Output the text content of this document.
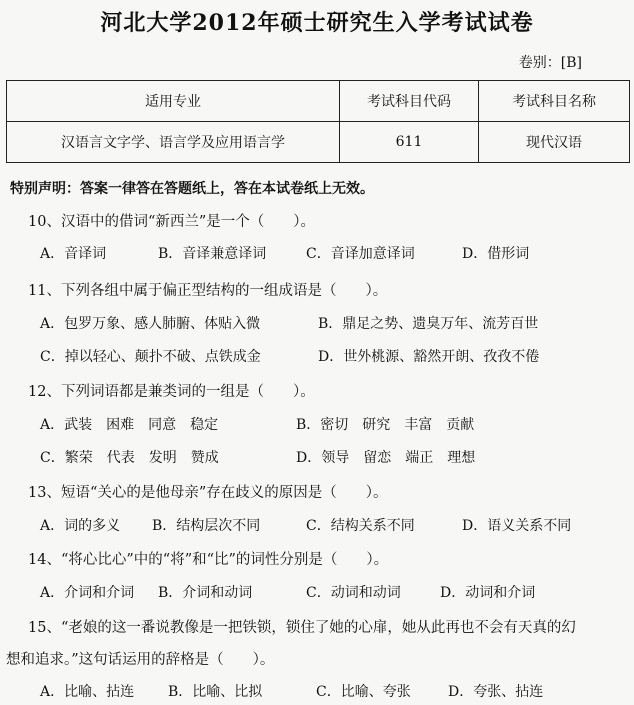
河北大学2012年硕士研究生入学考试试卷
卷别：[B]
适用专业	考试科目代码	考试科目名称
汉语言文字学、语言学及应用语言学	611	现代汉语
特别声明：答案一律答在答题纸上，答在本试卷纸上无效。
10、汉语中的借词“新西兰”是一个（　　）。
A．音译词	B．音译兼意译词	C．音译加意译词	D．借形词
11、下列各组中属于偏正型结构的一组成语是（　　）。
A．包罗万象、感人肺腑、体贴入微	B．鼎足之势、遗臭万年、流芳百世
C．掉以轻心、颠扑不破、点铁成金	D．世外桃源、豁然开朗、孜孜不倦
12、下列词语都是兼类词的一组是（　　）。
A．武装　困难　同意　稳定	B．密切　研究　丰富　贡献
C．繁荣　代表　发明　赞成	D．领导　留恋　端正　理想
13、短语“关心的是他母亲”存在歧义的原因是（　　）。
A．词的多义 B．结构层次不同	C．结构关系不同	D．语义关系不同
14、“将心比心”中的“将”和“比”的词性分别是（　　）。
A．介词和介词 B．介词和动词	C．动词和动词	D．动词和介词
15、“老娘的这一番说教像是一把铁锁，锁住了她的心扉，她从此再也不会有天真的幻
想和追求。”这句话运用的辞格是（　　）。
A．比喻、拈连 B．比喻、比拟	C．比喻、夸张	D．夸张、拈连
